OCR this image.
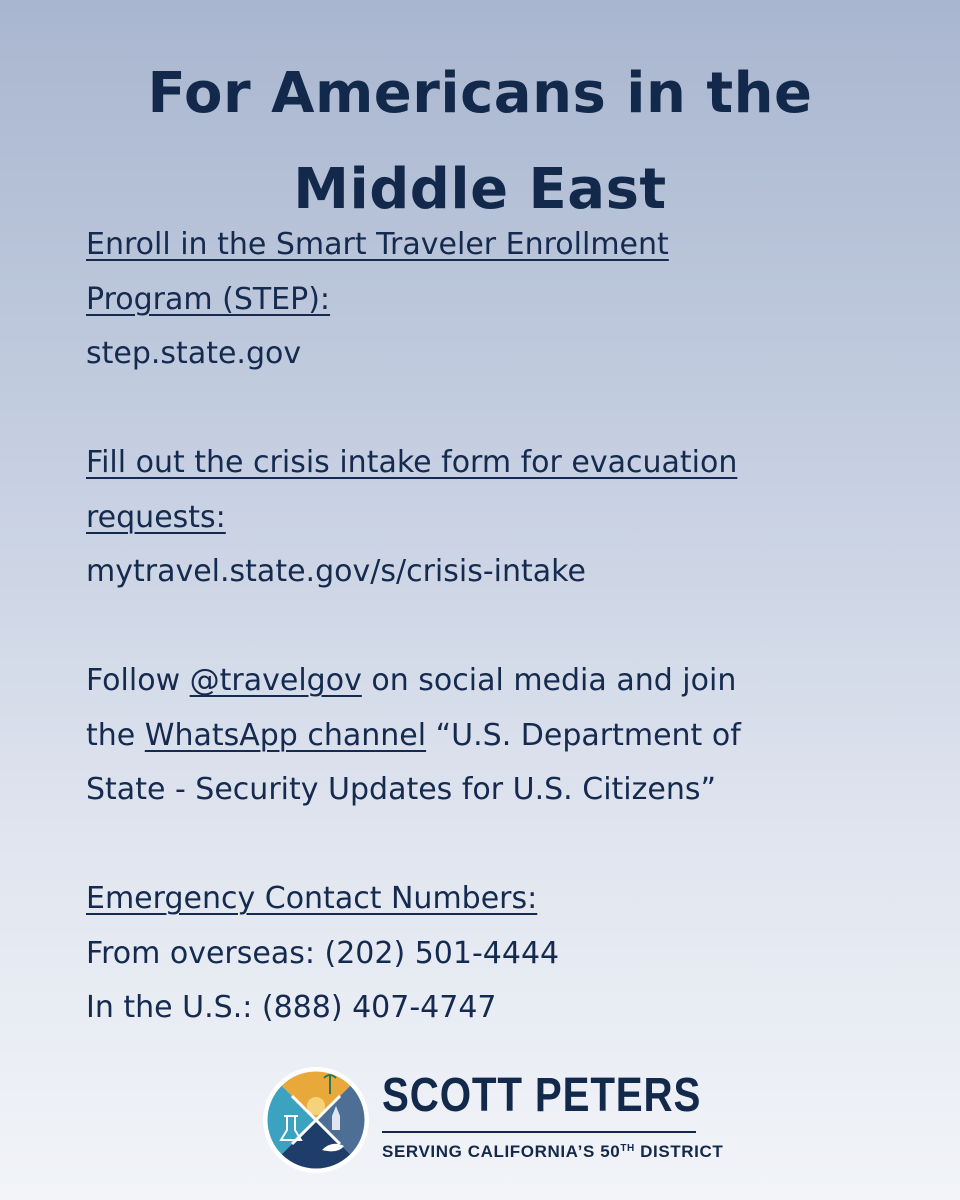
For Americans in the
Middle East
Enroll in the Smart Traveler Enrollment
Program (STEP):
step.state.gov
Fill out the crisis intake form for evacuation
requests:
mytravel.state.gov/s/crisis-intake
Follow @travelgov on social media and join
the WhatsApp channel “U.S. Department of
State - Security Updates for U.S. Citizens”
Emergency Contact Numbers:
From overseas: (202) 501-4444
In the U.S.: (888) 407-4747
SCOTT PETERS
SERVING CALIFORNIA’S 50TH DISTRICT
